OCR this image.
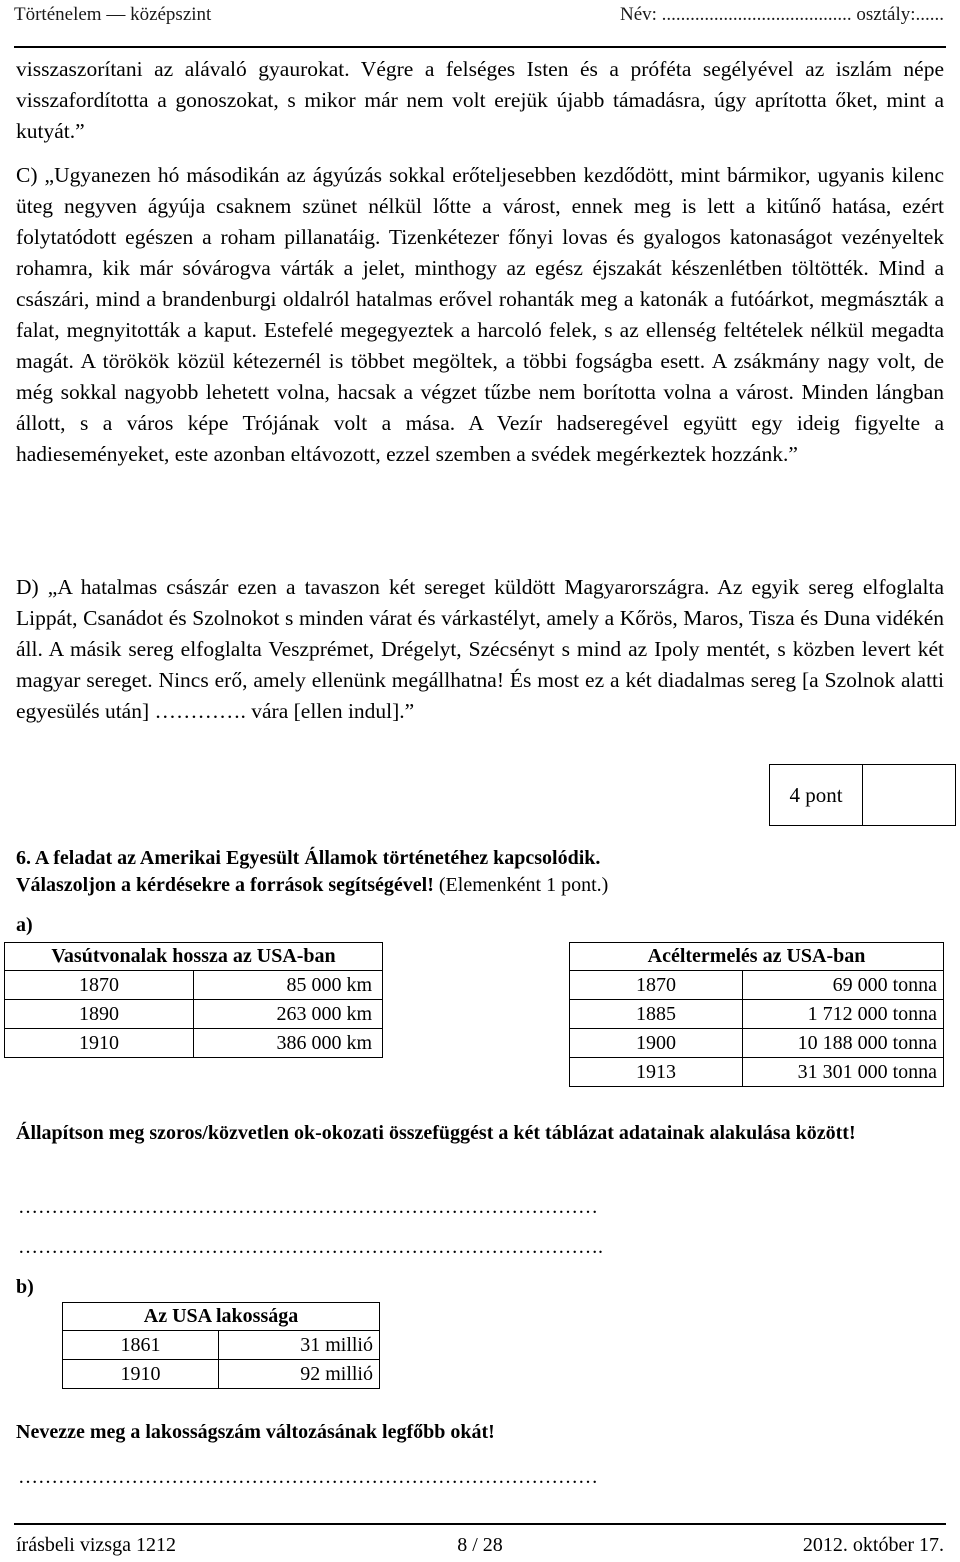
Történelem — középszint	Név: ........................................ osztály:......

visszaszorítani az alávaló gyaurokat. Végre a felséges Isten és a próféta segélyével az iszlám népe visszafordította a gonoszokat, s mikor már nem volt erejük újabb támadásra, úgy aprította őket, mint a kutyát.”

C) „Ugyanezen hó másodikán az ágyúzás sokkal erőteljesebben kezdődött, mint bármikor, ugyanis kilenc üteg negyven ágyúja csaknem szünet nélkül lőtte a várost, ennek meg is lett a kitűnő hatása, ezért folytatódott egészen a roham pillanatáig. Tizenkétezer főnyi lovas és gyalogos katonaságot vezényeltek rohamra, kik már sóvárogva várták a jelet, minthogy az egész éjszakát készenlétben töltötték. Mind a császári, mind a brandenburgi oldalról hatalmas erővel rohanták meg a katonák a futóárkot, megmászták a falat, megnyitották a kaput. Estefelé megegyeztek a harcoló felek, s az ellenség feltételek nélkül megadta magát. A törökök közül kétezernél is többet megöltek, a többi fogságba esett. A zsákmány nagy volt, de még sokkal nagyobb lehetett volna, hacsak a végzet tűzbe nem borította volna a várost. Minden lángban állott, s a város képe Trójának volt a mása. A Vezír hadseregével együtt egy ideig figyelte a hadieseményeket, este azonban eltávozott, ezzel szemben a svédek megérkeztek hozzánk.”

D) „A hatalmas császár ezen a tavaszon két sereget küldött Magyarországra. Az egyik sereg elfoglalta Lippát, Csanádot és Szolnokot s minden várat és várkastélyt, amely a Kőrös, Maros, Tisza és Duna vidékén áll. A másik sereg elfoglalta Veszprémet, Drégelyt, Szécsényt s mind az Ipoly mentét, s közben levert két magyar sereget. Nincs erő, amely ellenünk megállhatna! És most ez a két diadalmas sereg [a Szolnok alatti egyesülés után] …………. vára [ellen indul].”

4 pont
6. A feladat az Amerikai Egyesült Államok történetéhez kapcsolódik.
Válaszoljon a kérdésekre a források segítségével! (Elemenként 1 pont.)
a)
Vasútvonalak hossza az USA-ban	
1870	85 000 km
1890	263 000 km
1910	386 000 km
Acéltermelés az USA-ban	
1870	69 000 tonna
1885	1 712 000 tonna
1900	10 188 000 tonna
1913	31 301 000 tonna

Állapítson meg szoros/közvetlen ok-okozati összefüggést a két táblázat adatainak alakulása között!

……………………………………………………………………………
…………………………………………………………………………….
b)
Az USA lakossága	
1861	31 millió
1910	92 millió

Nevezze meg a lakosságszám változásának legfőbb okát!

……………………………………………………………………………
írásbeli vizsga 1212	8 / 28	2012. október 17.
